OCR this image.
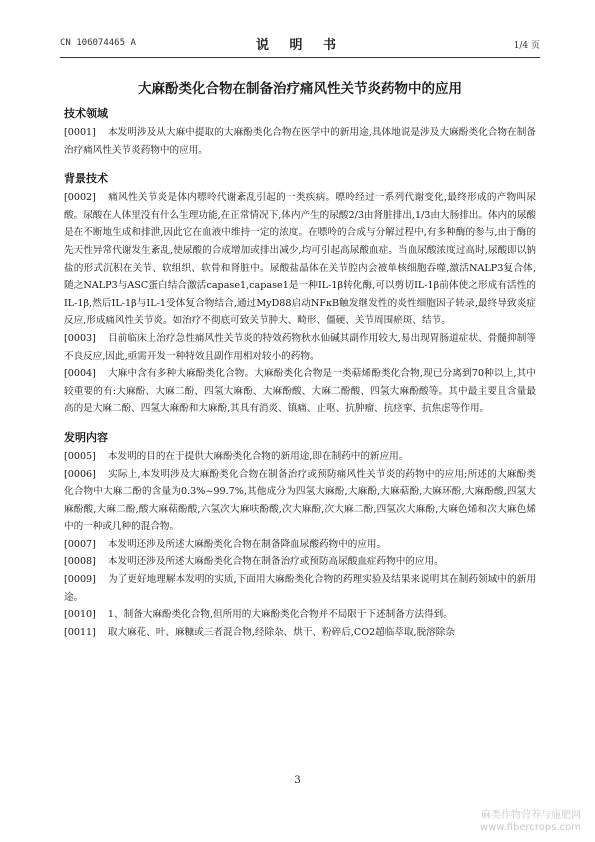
CN 106074465 A	说 明 书	1/4 页
大麻酚类化合物在制备治疗痛风性关节炎药物中的应用
技术领域

[0001] 本发明涉及从大麻中提取的大麻酚类化合物在医学中的新用途,具体地说是涉及大麻酚类化合物在制备治疗痛风性关节炎药物中的应用。

背景技术

[0002] 痛风性关节炎是体内嘌呤代谢紊乱引起的一类疾病。嘌呤经过一系列代谢变化,最终形成的产物叫尿酸。尿酸在人体里没有什么生理功能,在正常情况下,体内产生的尿酸2/3由肾脏排出,1/3由大肠排出。体内的尿酸是在不断地生成和排泄,因此它在血液中维持一定的浓度。在嘌呤的合成与分解过程中,有多种酶的参与,由于酶的先天性异常代谢发生紊乱,使尿酸的合成增加或排出减少,均可引起高尿酸血症。当血尿酸浓度过高时,尿酸即以钠盐的形式沉积在关节、软组织、软骨和肾脏中。尿酸盐晶体在关节腔内会被单核细胞吞噬,激活NALP3复合体,随之NALP3与ASC蛋白结合激活capase1,capase1是一种IL-1β转化酶,可以剪切IL-1β前体使之形成有活性的IL-1β,然后IL-1β与IL-1受体复合物结合,通过MyD88启动NFκB触发继发性的炎性细胞因子转录,最终导致炎症反应,形成痛风性关节炎。如治疗不彻底可致关节肿大、畸形、僵硬、关节周围瘀斑、结节。

[0003] 目前临床上治疗急性痛风性关节炎的特效药物秋水仙碱其副作用较大,易出现胃肠道症状、骨髓抑制等不良反应,因此,亟需开发一种特效且副作用相对较小的药物。

[0004] 大麻中含有多种大麻酚类化合物。大麻酚类化合物是一类萜烯酚类化合物,现已分离到70种以上,其中较重要的有:大麻酚、大麻二酚、四氢大麻酚、大麻酚酸、大麻二酚酸、四氢大麻酚酸等。其中最主要且含量最高的是大麻二酚、四氢大麻酚和大麻酚,其具有消炎、镇痛、止呕、抗肿瘤、抗痉挛、抗焦虑等作用。

发明内容

[0005] 本发明的目的在于提供大麻酚类化合物的新用途,即在制药中的新应用。

[0006] 实际上,本发明涉及大麻酚类化合物在制备治疗或预防痛风性关节炎的药物中的应用;所述的大麻酚类化合物中大麻二酚的含量为0.3%~99.7%,其他成分为四氢大麻酚,大麻酚,大麻萜酚,大麻环酚,大麻酚酸,四氢大麻酚酸,大麻二酚,酸大麻萜酚酸,六氢次大麻呋酚酸,次大麻酚,次大麻二酚,四氢次大麻酚,大麻色烯和次大麻色烯中的一种或几种的混合物。

[0007] 本发明还涉及所述大麻酚类化合物在制备降血尿酸药物中的应用。

[0008] 本发明还涉及所述大麻酚类化合物在制备治疗或预防高尿酸血症药物中的应用。

[0009] 为了更好地理解本发明的实质,下面用大麻酚类化合物的药理实验及结果来说明其在制药领域中的新用途。

[0010] 1、制备大麻酚类化合物,但所用的大麻酚类化合物并不局限于下述制备方法得到。

[0011] 取大麻花、叶、麻糠或三者混合物,经除杂、烘干、粉碎后,CO2超临萃取,脱溶除杂

3
麻类作物营养与施肥网
www.fibercrops.com
